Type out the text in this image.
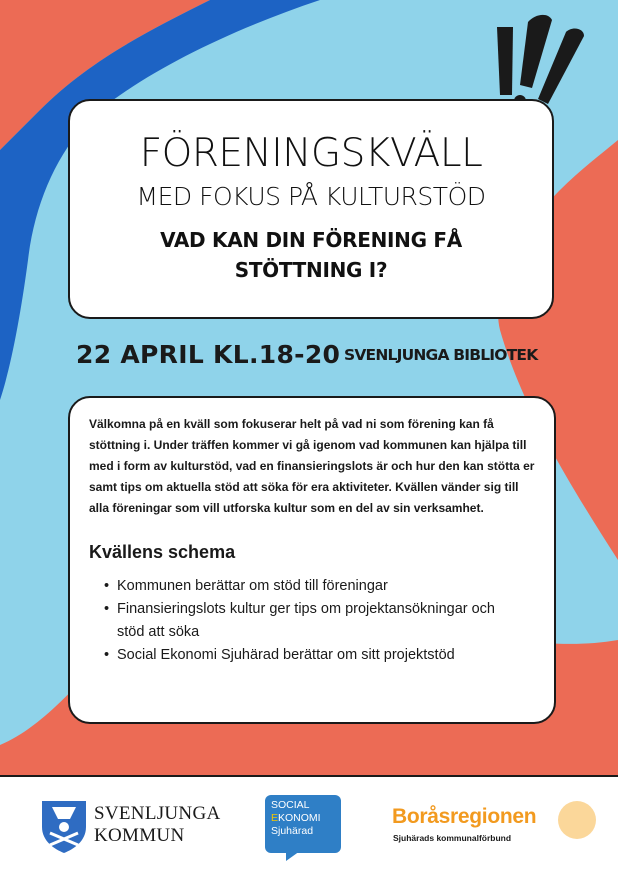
FÖRENINGSKVÄLL
MED FOKUS PÅ KULTURSTÖD
VAD KAN DIN FÖRENING FÅ STÖTTNING I?
22 APRIL KL.18-20 SVENLJUNGA BIBLIOTEK

Välkomna på en kväll som fokuserar helt på vad ni som förening kan få stöttning i. Under träffen kommer vi gå igenom vad kommunen kan hjälpa till med i form av kulturstöd, vad en finansieringslots är och hur den kan stötta er samt tips om aktuella stöd att söka för era aktiviteter. Kvällen vänder sig till alla föreningar som vill utforska kultur som en del av sin verksamhet.

Kvällens schema
• Kommunen berättar om stöd till föreningar
• Finansieringslots kultur ger tips om projektansökningar och stöd att söka
• Social Ekonomi Sjuhärad berättar om sitt projektstöd
SVENLJUNGA
KOMMUN
SOCIAL
EKONOMI
Sjuhärad
Boråsregionen
Sjuhärads kommunalförbund
